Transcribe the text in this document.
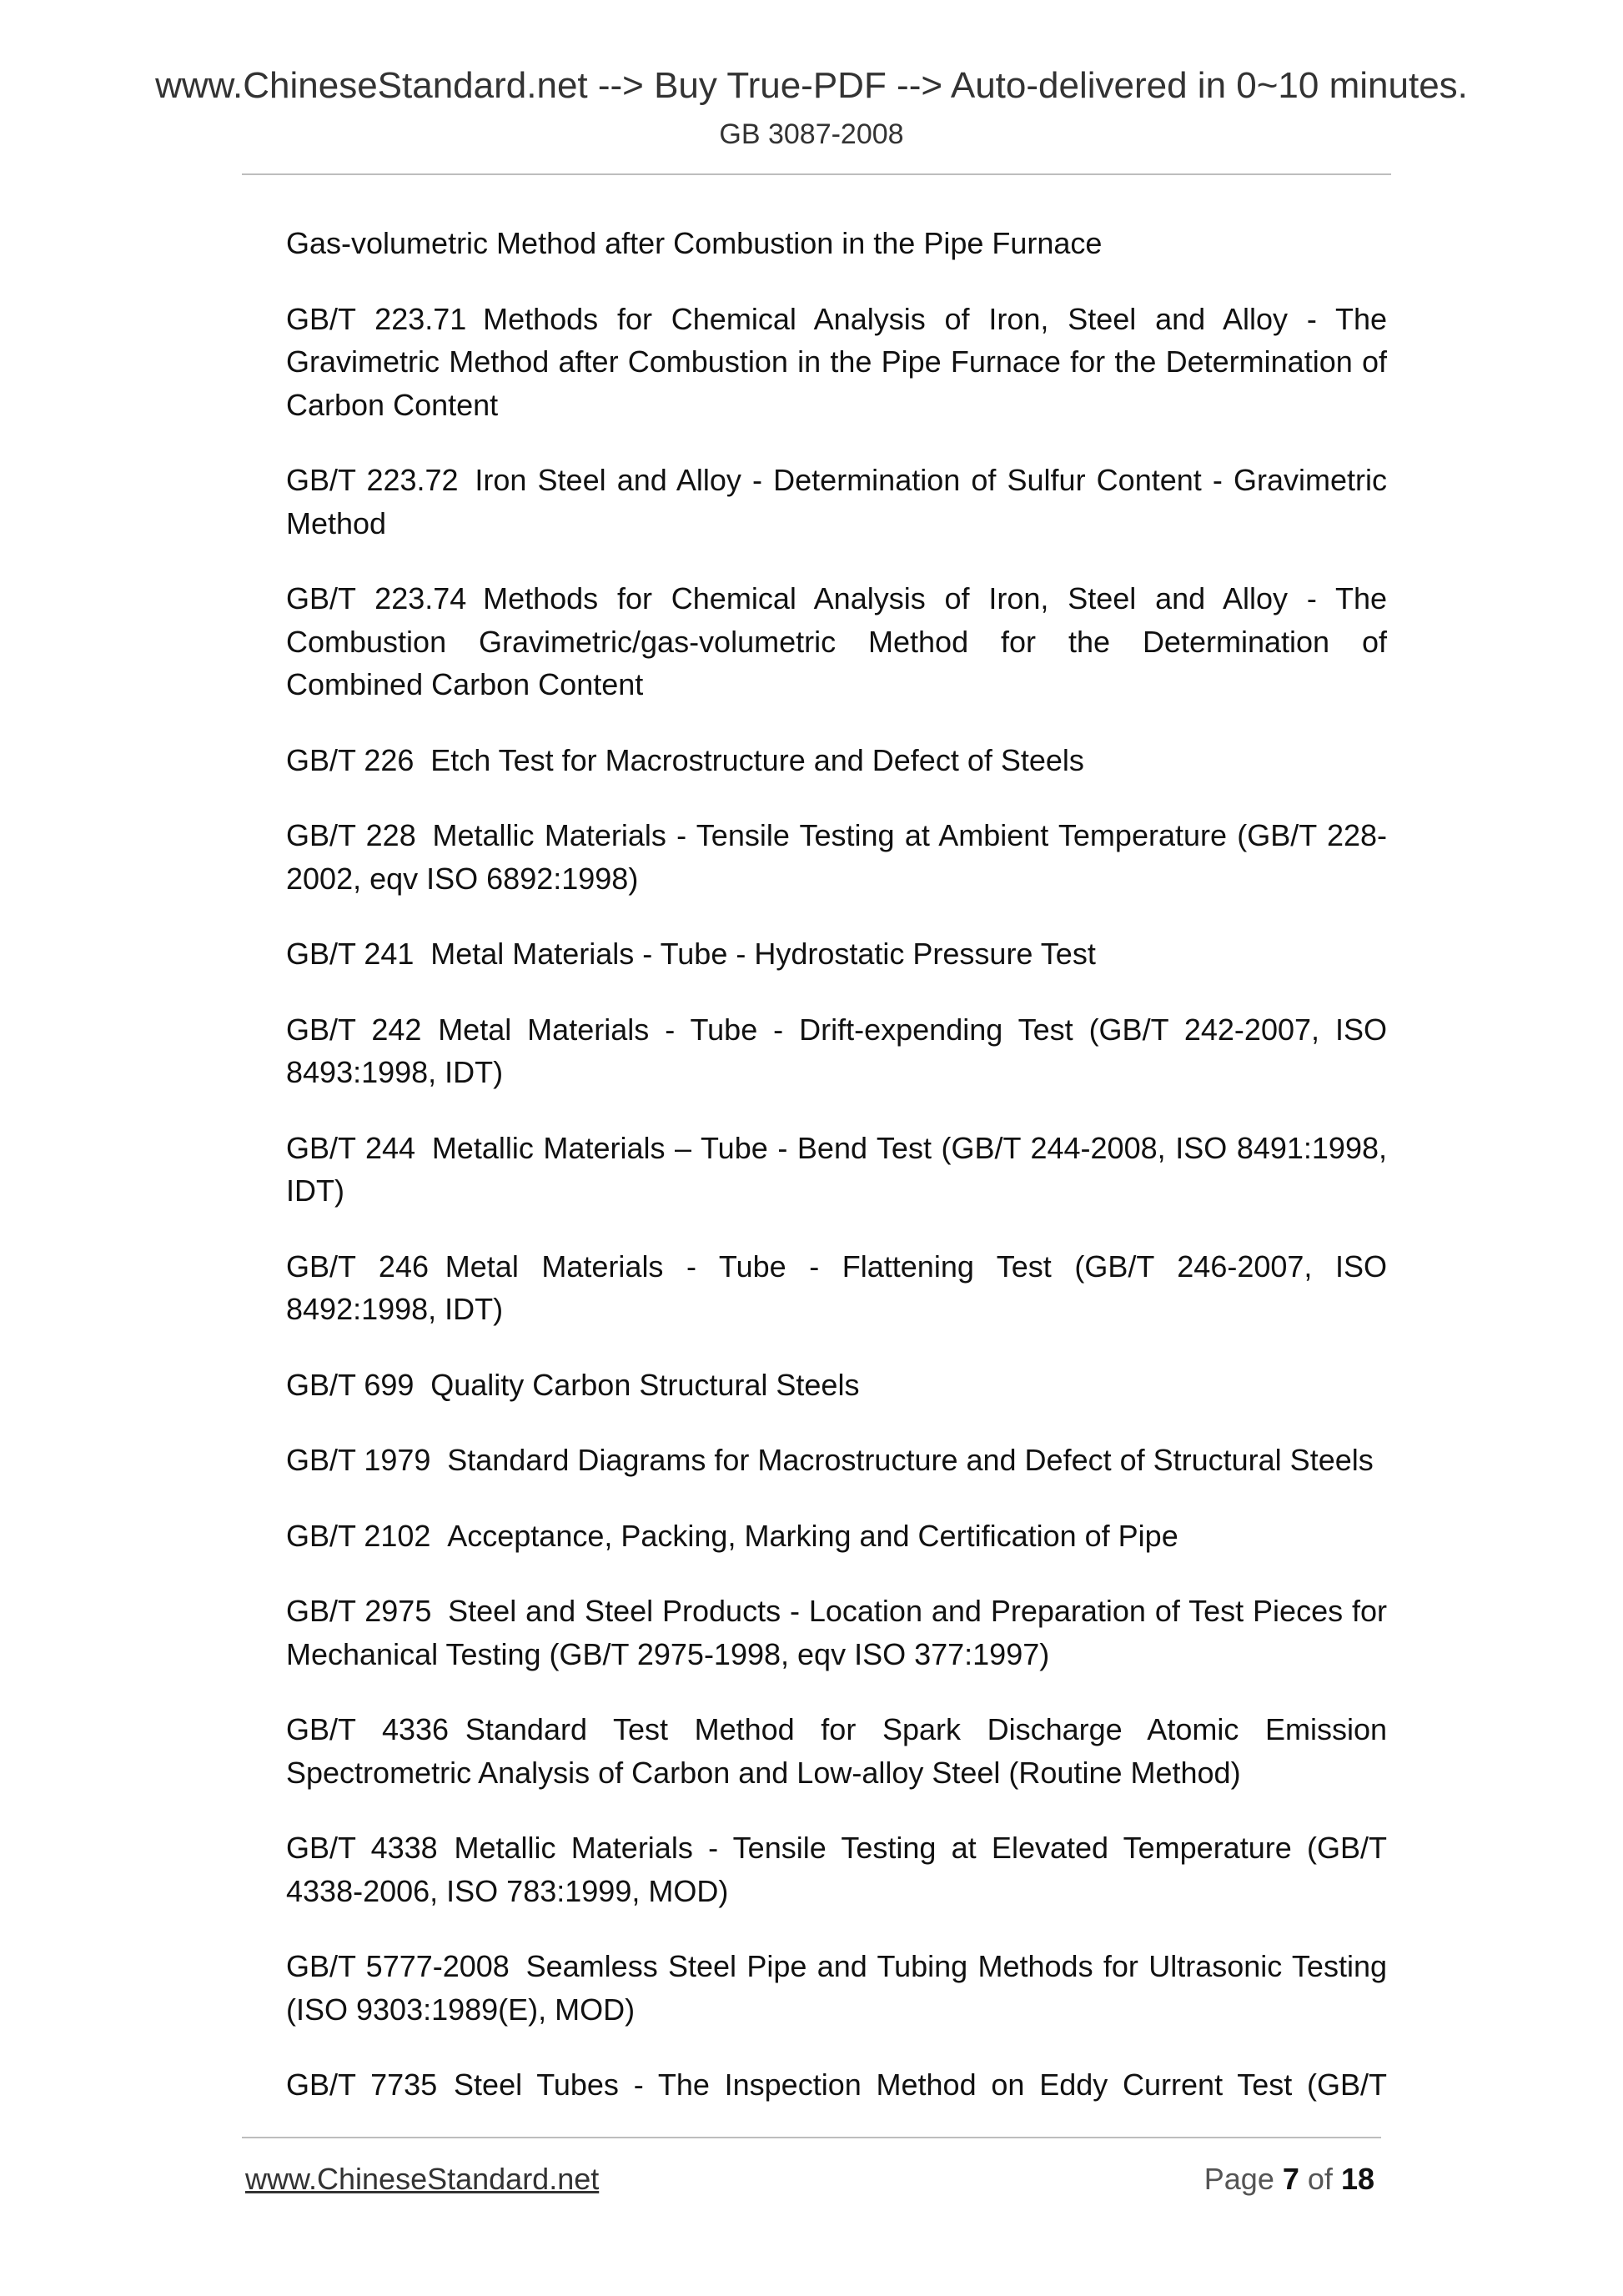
www.ChineseStandard.net --> Buy True-PDF --> Auto-delivered in 0~10 minutes.
GB 3087-2008

Gas-volumetric Method after Combustion in the Pipe Furnace

GB/T 223.71 Methods for Chemical Analysis of Iron, Steel and Alloy - The Gravimetric Method after Combustion in the Pipe Furnace for the Determination of Carbon Content

GB/T 223.72 Iron Steel and Alloy - Determination of Sulfur Content - Gravimetric Method

GB/T 223.74 Methods for Chemical Analysis of Iron, Steel and Alloy - The Combustion Gravimetric/gas-volumetric Method for the Determination of Combined Carbon Content

GB/T 226 Etch Test for Macrostructure and Defect of Steels

GB/T 228 Metallic Materials - Tensile Testing at Ambient Temperature (GB/T 228-2002, eqv ISO 6892:1998)

GB/T 241 Metal Materials - Tube - Hydrostatic Pressure Test

GB/T 242 Metal Materials - Tube - Drift-expending Test (GB/T 242-2007, ISO 8493:1998, IDT)

GB/T 244 Metallic Materials – Tube - Bend Test (GB/T 244-2008, ISO 8491:1998, IDT)

GB/T 246 Metal Materials - Tube - Flattening Test (GB/T 246-2007, ISO 8492:1998, IDT)

GB/T 699 Quality Carbon Structural Steels

GB/T 1979 Standard Diagrams for Macrostructure and Defect of Structural Steels

GB/T 2102 Acceptance, Packing, Marking and Certification of Pipe

GB/T 2975 Steel and Steel Products - Location and Preparation of Test Pieces for Mechanical Testing (GB/T 2975-1998, eqv ISO 377:1997)

GB/T 4336 Standard Test Method for Spark Discharge Atomic Emission Spectrometric Analysis of Carbon and Low-alloy Steel (Routine Method)

GB/T 4338 Metallic Materials - Tensile Testing at Elevated Temperature (GB/T 4338-2006, ISO 783:1999, MOD)

GB/T 5777-2008 Seamless Steel Pipe and Tubing Methods for Ultrasonic Testing (ISO 9303:1989(E), MOD)

GB/T 7735 Steel Tubes - The Inspection Method on Eddy Current Test (GB/T

www.ChineseStandard.net	Page 7 of 18
